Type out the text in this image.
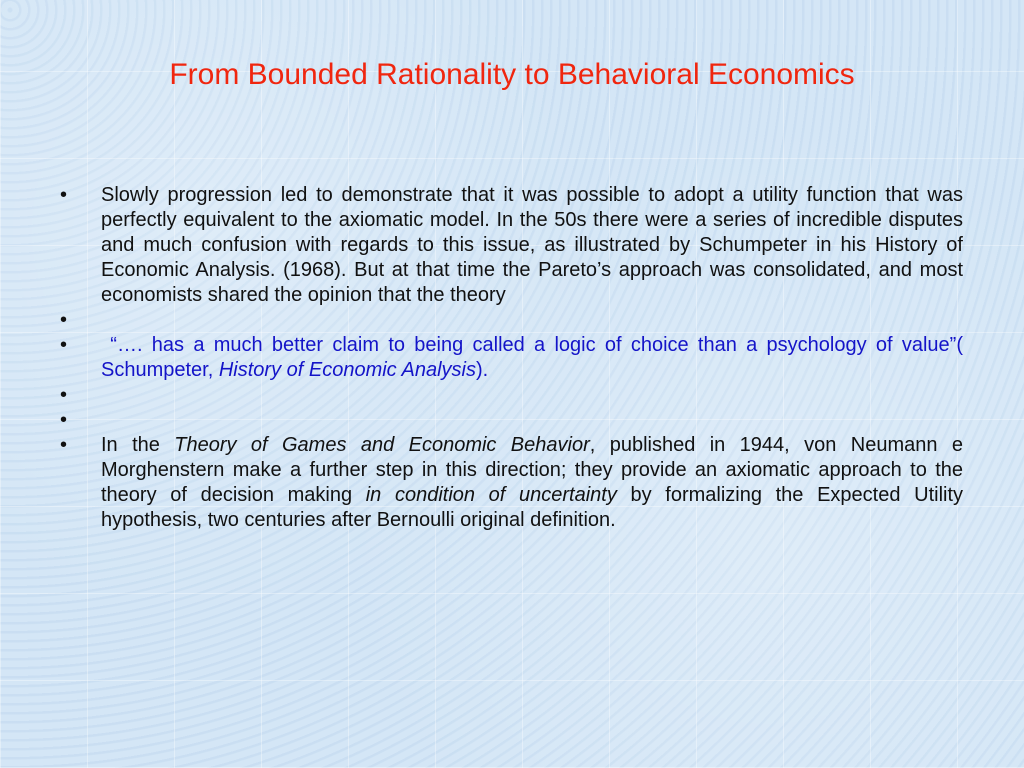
From Bounded Rationality to Behavioral Economics
•	Slowly progression led to demonstrate that it was possible to adopt a utility function that was perfectly equivalent to the axiomatic model. In the 50s there were a series of incredible disputes and much confusion with regards to this issue, as illustrated by Schumpeter in his History of Economic Analysis. (1968). But at that time the Pareto’s approach was consolidated, and most economists shared the opinion that the theory
•
•	“…. has a much better claim to being called a logic of choice than a psychology of value”( Schumpeter, History of Economic Analysis).
•
•
•	In the Theory of Games and Economic Behavior, published in 1944, von Neumann e Morghenstern make a further step in this direction; they provide an axiomatic approach to the theory of decision making in condition of uncertainty by formalizing the Expected Utility hypothesis, two centuries after Bernoulli original definition.
